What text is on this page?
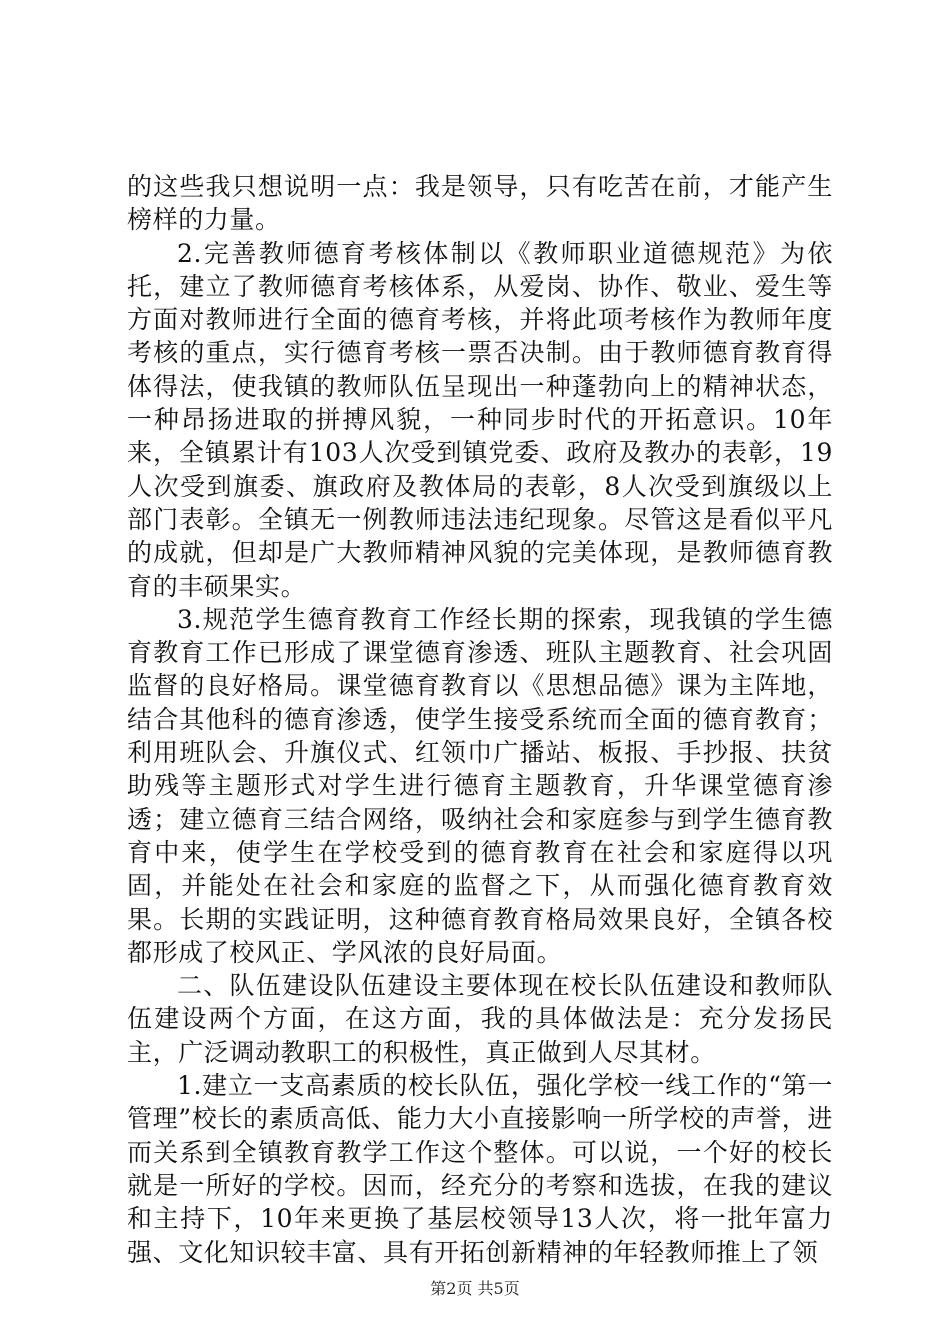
的这些我只想说明一点：我是领导，只有吃苦在前，才能产生榜样的力量。

2.完善教师德育考核体制以《教师职业道德规范》为依托，建立了教师德育考核体系，从爱岗、协作、敬业、爱生等方面对教师进行全面的德育考核，并将此项考核作为教师年度考核的重点，实行德育考核一票否决制。由于教师德育教育得体得法，使我镇的教师队伍呈现出一种蓬勃向上的精神状态，一种昂扬进取的拼搏风貌，一种同步时代的开拓意识。10年来，全镇累计有103人次受到镇党委、政府及教办的表彰，19人次受到旗委、旗政府及教体局的表彰，8人次受到旗级以上部门表彰。全镇无一例教师违法违纪现象。尽管这是看似平凡的成就，但却是广大教师精神风貌的完美体现，是教师德育教育的丰硕果实。

3.规范学生德育教育工作经长期的探索，现我镇的学生德育教育工作已形成了课堂德育渗透、班队主题教育、社会巩固监督的良好格局。课堂德育教育以《思想品德》课为主阵地，结合其他科的德育渗透，使学生接受系统而全面的德育教育；利用班队会、升旗仪式、红领巾广播站、板报、手抄报、扶贫助残等主题形式对学生进行德育主题教育，升华课堂德育渗透；建立德育三结合网络，吸纳社会和家庭参与到学生德育教育中来，使学生在学校受到的德育教育在社会和家庭得以巩固，并能处在社会和家庭的监督之下，从而强化德育教育效果。长期的实践证明，这种德育教育格局效果良好，全镇各校都形成了校风正、学风浓的良好局面。

二、队伍建设队伍建设主要体现在校长队伍建设和教师队伍建设两个方面，在这方面，我的具体做法是：充分发扬民主，广泛调动教职工的积极性，真正做到人尽其材。

1.建立一支高素质的校长队伍，强化学校一线工作的“第一管理”校长的素质高低、能力大小直接影响一所学校的声誉，进而关系到全镇教育教学工作这个整体。可以说，一个好的校长就是一所好的学校。因而，经充分的考察和选拔，在我的建议和主持下，10年来更换了基层校领导13人次，将一批年富力强、文化知识较丰富、具有开拓创新精神的年轻教师推上了领

第2页 共5页
